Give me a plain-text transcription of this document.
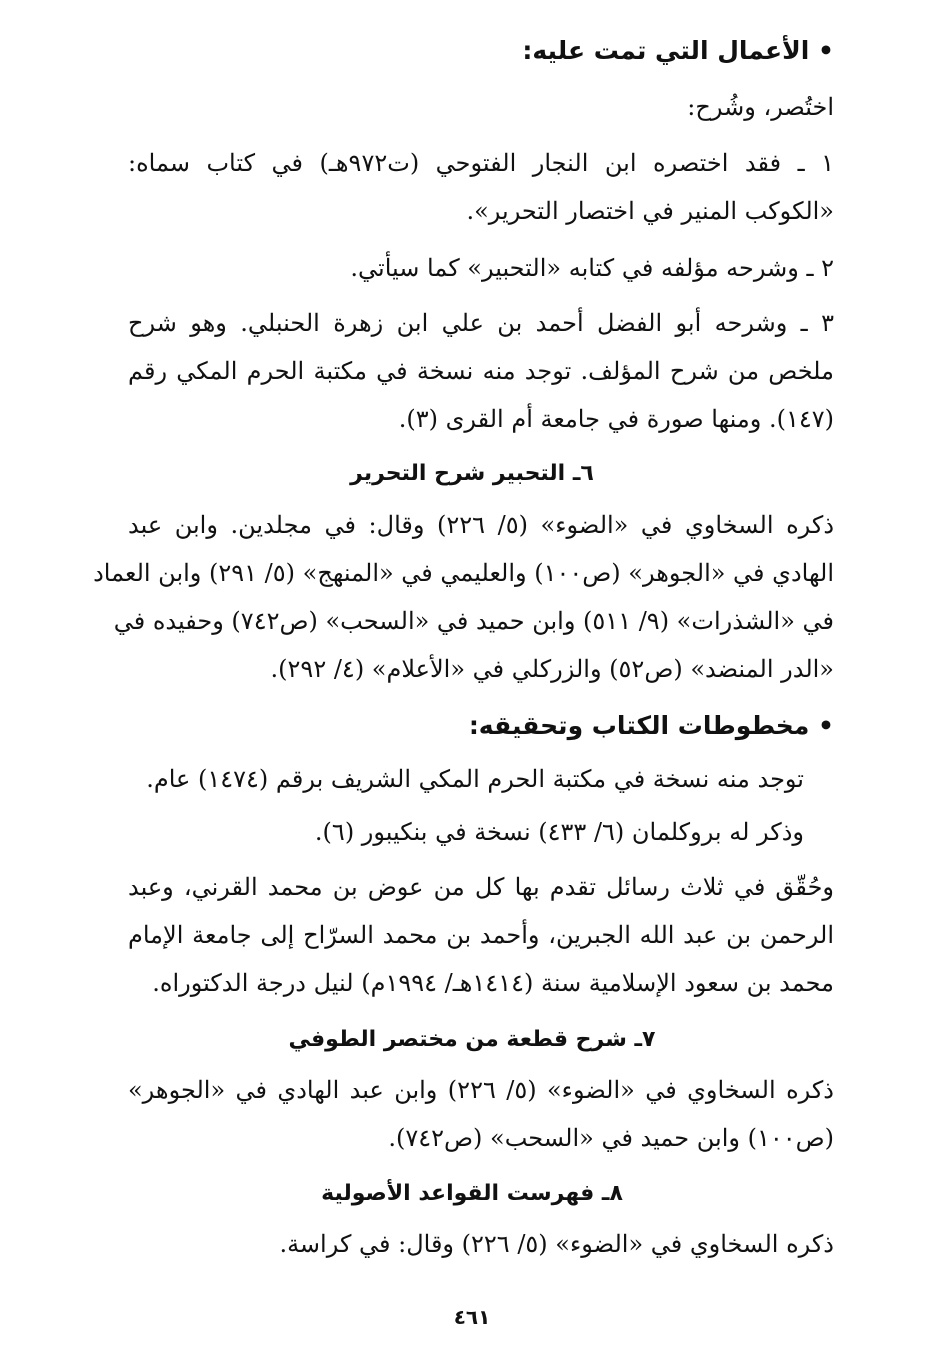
• الأعمال التي تمت عليه:
اختُصر، وشُرح:
١ ـ فقد اختصره ابن النجار الفتوحي (ت٩٧٢هـ) في كتاب سماه:
«الكوكب المنير في اختصار التحرير».
٢ ـ وشرحه مؤلفه في كتابه «التحبير» كما سيأتي.
٣ ـ وشرحه أبو الفضل أحمد بن علي ابن زهرة الحنبلي. وهو شرح
ملخص من شرح المؤلف. توجد منه نسخة في مكتبة الحرم المكي رقم
(١٤٧). ومنها صورة في جامعة أم القرى (٣).
٦ـ التحبير شرح التحرير
ذكره السخاوي في «الضوء» (٥/ ٢٢٦) وقال: في مجلدين. وابن عبد
الهادي في «الجوهر» (ص١٠٠) والعليمي في «المنهج» (٥/ ٢٩١) وابن العماد
في «الشذرات» (٩/ ٥١١) وابن حميد في «السحب» (ص٧٤٢) وحفيده في
«الدر المنضد» (ص٥٢) والزركلي في «الأعلام» (٤/ ٢٩٢).
• مخطوطات الكتاب وتحقيقه:
توجد منه نسخة في مكتبة الحرم المكي الشريف برقم (١٤٧٤) عام.
وذكر له بروكلمان (٦/ ٤٣٣) نسخة في بنكيبور (٦).
وحُقّق في ثلاث رسائل تقدم بها كل من عوض بن محمد القرني، وعبد
الرحمن بن عبد الله الجبرين، وأحمد بن محمد السرّاح إلى جامعة الإمام
محمد بن سعود الإسلامية سنة (١٤١٤هـ/ ١٩٩٤م) لنيل درجة الدكتوراه.
٧ـ شرح قطعة من مختصر الطوفي
ذكره السخاوي في «الضوء» (٥/ ٢٢٦) وابن عبد الهادي في «الجوهر»
(ص١٠٠) وابن حميد في «السحب» (ص٧٤٢).
٨ـ فهرست القواعد الأصولية
ذكره السخاوي في «الضوء» (٥/ ٢٢٦) وقال: في كراسة.
٤٦١
